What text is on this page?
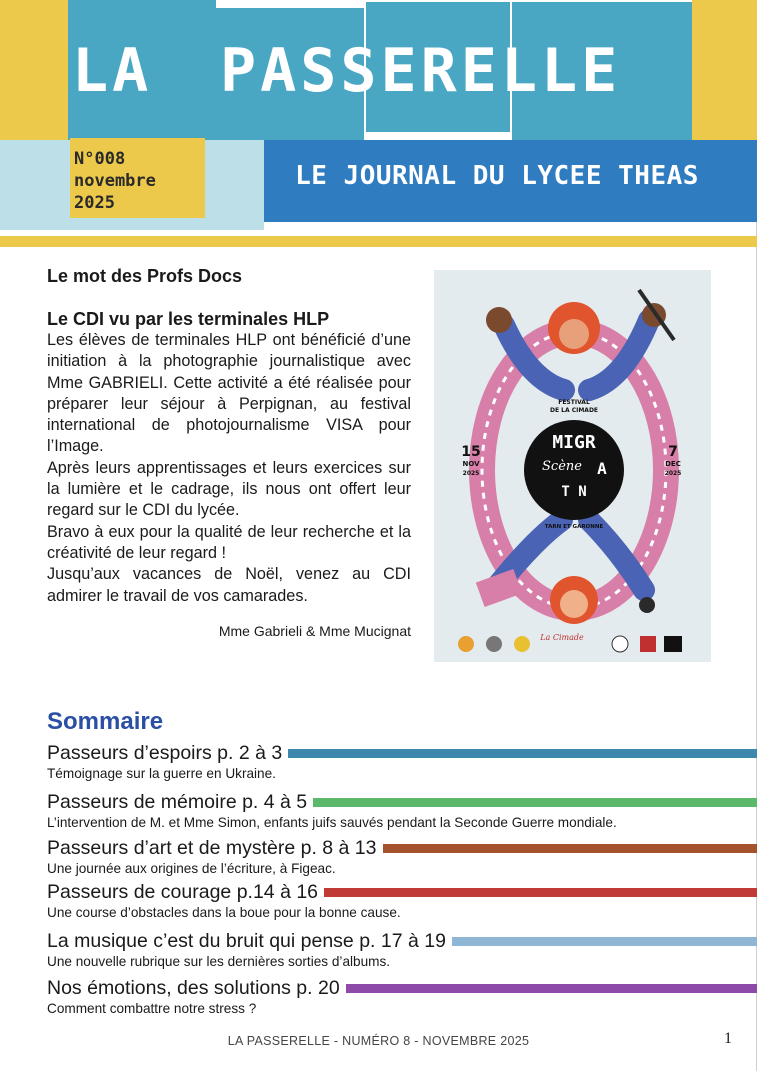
LA PASSERELLE
LE JOURNAL DU LYCEE THEAS
N°008
novembre
2025
Le mot des Profs Docs
Le CDI vu par les terminales HLP

Les élèves de terminales HLP ont bénéficié d’une initiation à la photographie journalistique avec Mme GABRIELI. Cette activité a été réalisée pour préparer leur séjour à Perpignan, au festival international de photojournalisme VISA pour l’Image.

Après leurs apprentissages et leurs exercices sur la lumière et le cadrage, ils nous ont offert leur regard sur le CDI du lycée.

Bravo à eux pour la qualité de leur recherche et la créativité de leur regard !

Jusqu’aux vacances de Noël, venez au CDI admirer le travail de vos camarades.

Mme Gabrieli & Mme Mucignat
FESTIVAL
DE LA CIMADE
MIGR
Scène A
T N
15
NOV
2025
7
DEC
2025
TARN ET GARONNE
TISSONS	DEMAIN
La Cimade
Sommaire
Passeurs d’espoirs p. 2 à 3
Témoignage sur la guerre en Ukraine.
Passeurs de mémoire p. 4 à 5
L’intervention de M. et Mme Simon, enfants juifs sauvés pendant la Seconde Guerre mondiale.
Passeurs d’art et de mystère p. 8 à 13
Une journée aux origines de l’écriture, à Figeac.
Passeurs de courage p.14 à 16
Une course d’obstacles dans la boue pour la bonne cause.
La musique c’est du bruit qui pense p. 17 à 19
Une nouvelle rubrique sur les dernières sorties d’albums.
Nos émotions, des solutions p. 20
Comment combattre notre stress ?
LA PASSERELLE - NUMÉRO 8 - NOVEMBRE 2025	1
